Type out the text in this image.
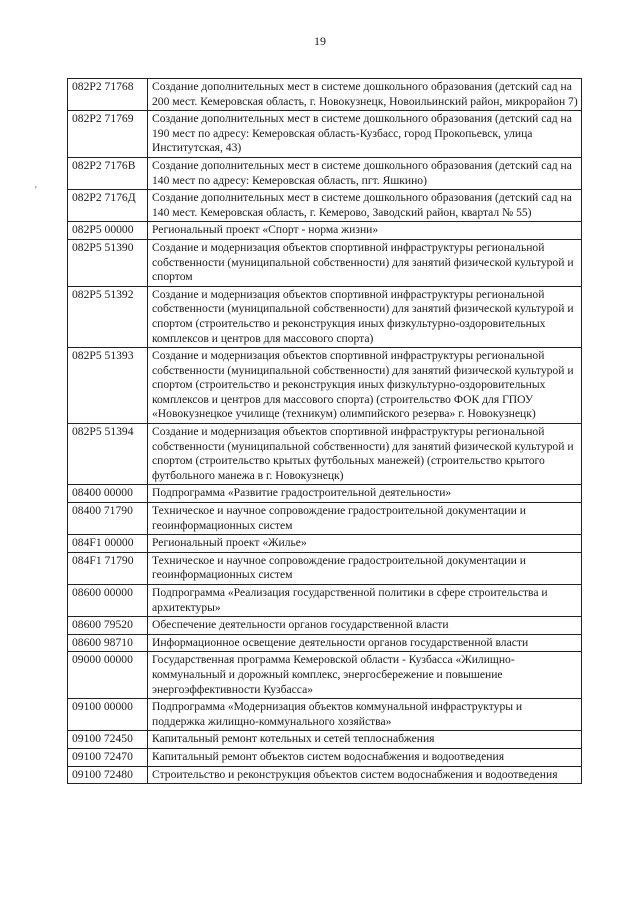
19
'
082P2 71768	Создание дополнительных мест в системе дошкольного образования (детский сад на 200 мест. Кемеровская область, г. Новокузнецк, Новоильинский район, микрорайон 7)
082P2 71769	Создание дополнительных мест в системе дошкольного образования (детский сад на 190 мест по адресу: Кемеровская область-Кузбасс, город Прокопьевск, улица Институтская, 43)
082P2 7176В	Создание дополнительных мест в системе дошкольного образования (детский сад на 140 мест по адресу: Кемеровская область, пгт. Яшкино)
082P2 7176Д	Создание дополнительных мест в системе дошкольного образования (детский сад на 140 мест. Кемеровская область, г. Кемерово, Заводский район, квартал № 55)
082P5 00000	Региональный проект «Спорт - норма жизни»
082P5 51390	Создание и модернизация объектов спортивной инфраструктуры региональной собственности (муниципальной собственности) для занятий физической культурой и спортом
082P5 51392	Создание и модернизация объектов спортивной инфраструктуры региональной собственности (муниципальной собственности) для занятий физической культурой и спортом (строительство и реконструкция иных физкультурно-оздоровительных комплексов и центров для массового спорта)
082P5 51393	Создание и модернизация объектов спортивной инфраструктуры региональной собственности (муниципальной собственности) для занятий физической культурой и спортом (строительство и реконструкция иных физкультурно-оздоровительных комплексов и центров для массового спорта) (строительство ФОК для ГПОУ «Новокузнецкое училище (техникум) олимпийского резерва» г. Новокузнецк)
082P5 51394	Создание и модернизация объектов спортивной инфраструктуры региональной собственности (муниципальной собственности) для занятий физической культурой и спортом (строительство крытых футбольных манежей) (строительство крытого футбольного манежа в г. Новокузнецк)
08400 00000	Подпрограмма «Развитие градостроительной деятельности»
08400 71790	Техническое и научное сопровождение градостроительной документации и геоинформационных систем
084F1 00000	Региональный проект «Жилье»
084F1 71790	Техническое и научное сопровождение градостроительной документации и геоинформационных систем
08600 00000	Подпрограмма «Реализация государственной политики в сфере строительства и архитектуры»
08600 79520	Обеспечение деятельности органов государственной власти
08600 98710	Информационное освещение деятельности органов государственной власти
09000 00000	Государственная программа Кемеровской области - Кузбасса «Жилищно-коммунальный и дорожный комплекс, энергосбережение и повышение энергоэффективности Кузбасса»
09100 00000	Подпрограмма «Модернизация объектов коммунальной инфраструктуры и поддержка жилищно-коммунального хозяйства»
09100 72450	Капитальный ремонт котельных и сетей теплоснабжения
09100 72470	Капитальный ремонт объектов систем водоснабжения и водоотведения
09100 72480	Строительство и реконструкция объектов систем водоснабжения и водоотведения
